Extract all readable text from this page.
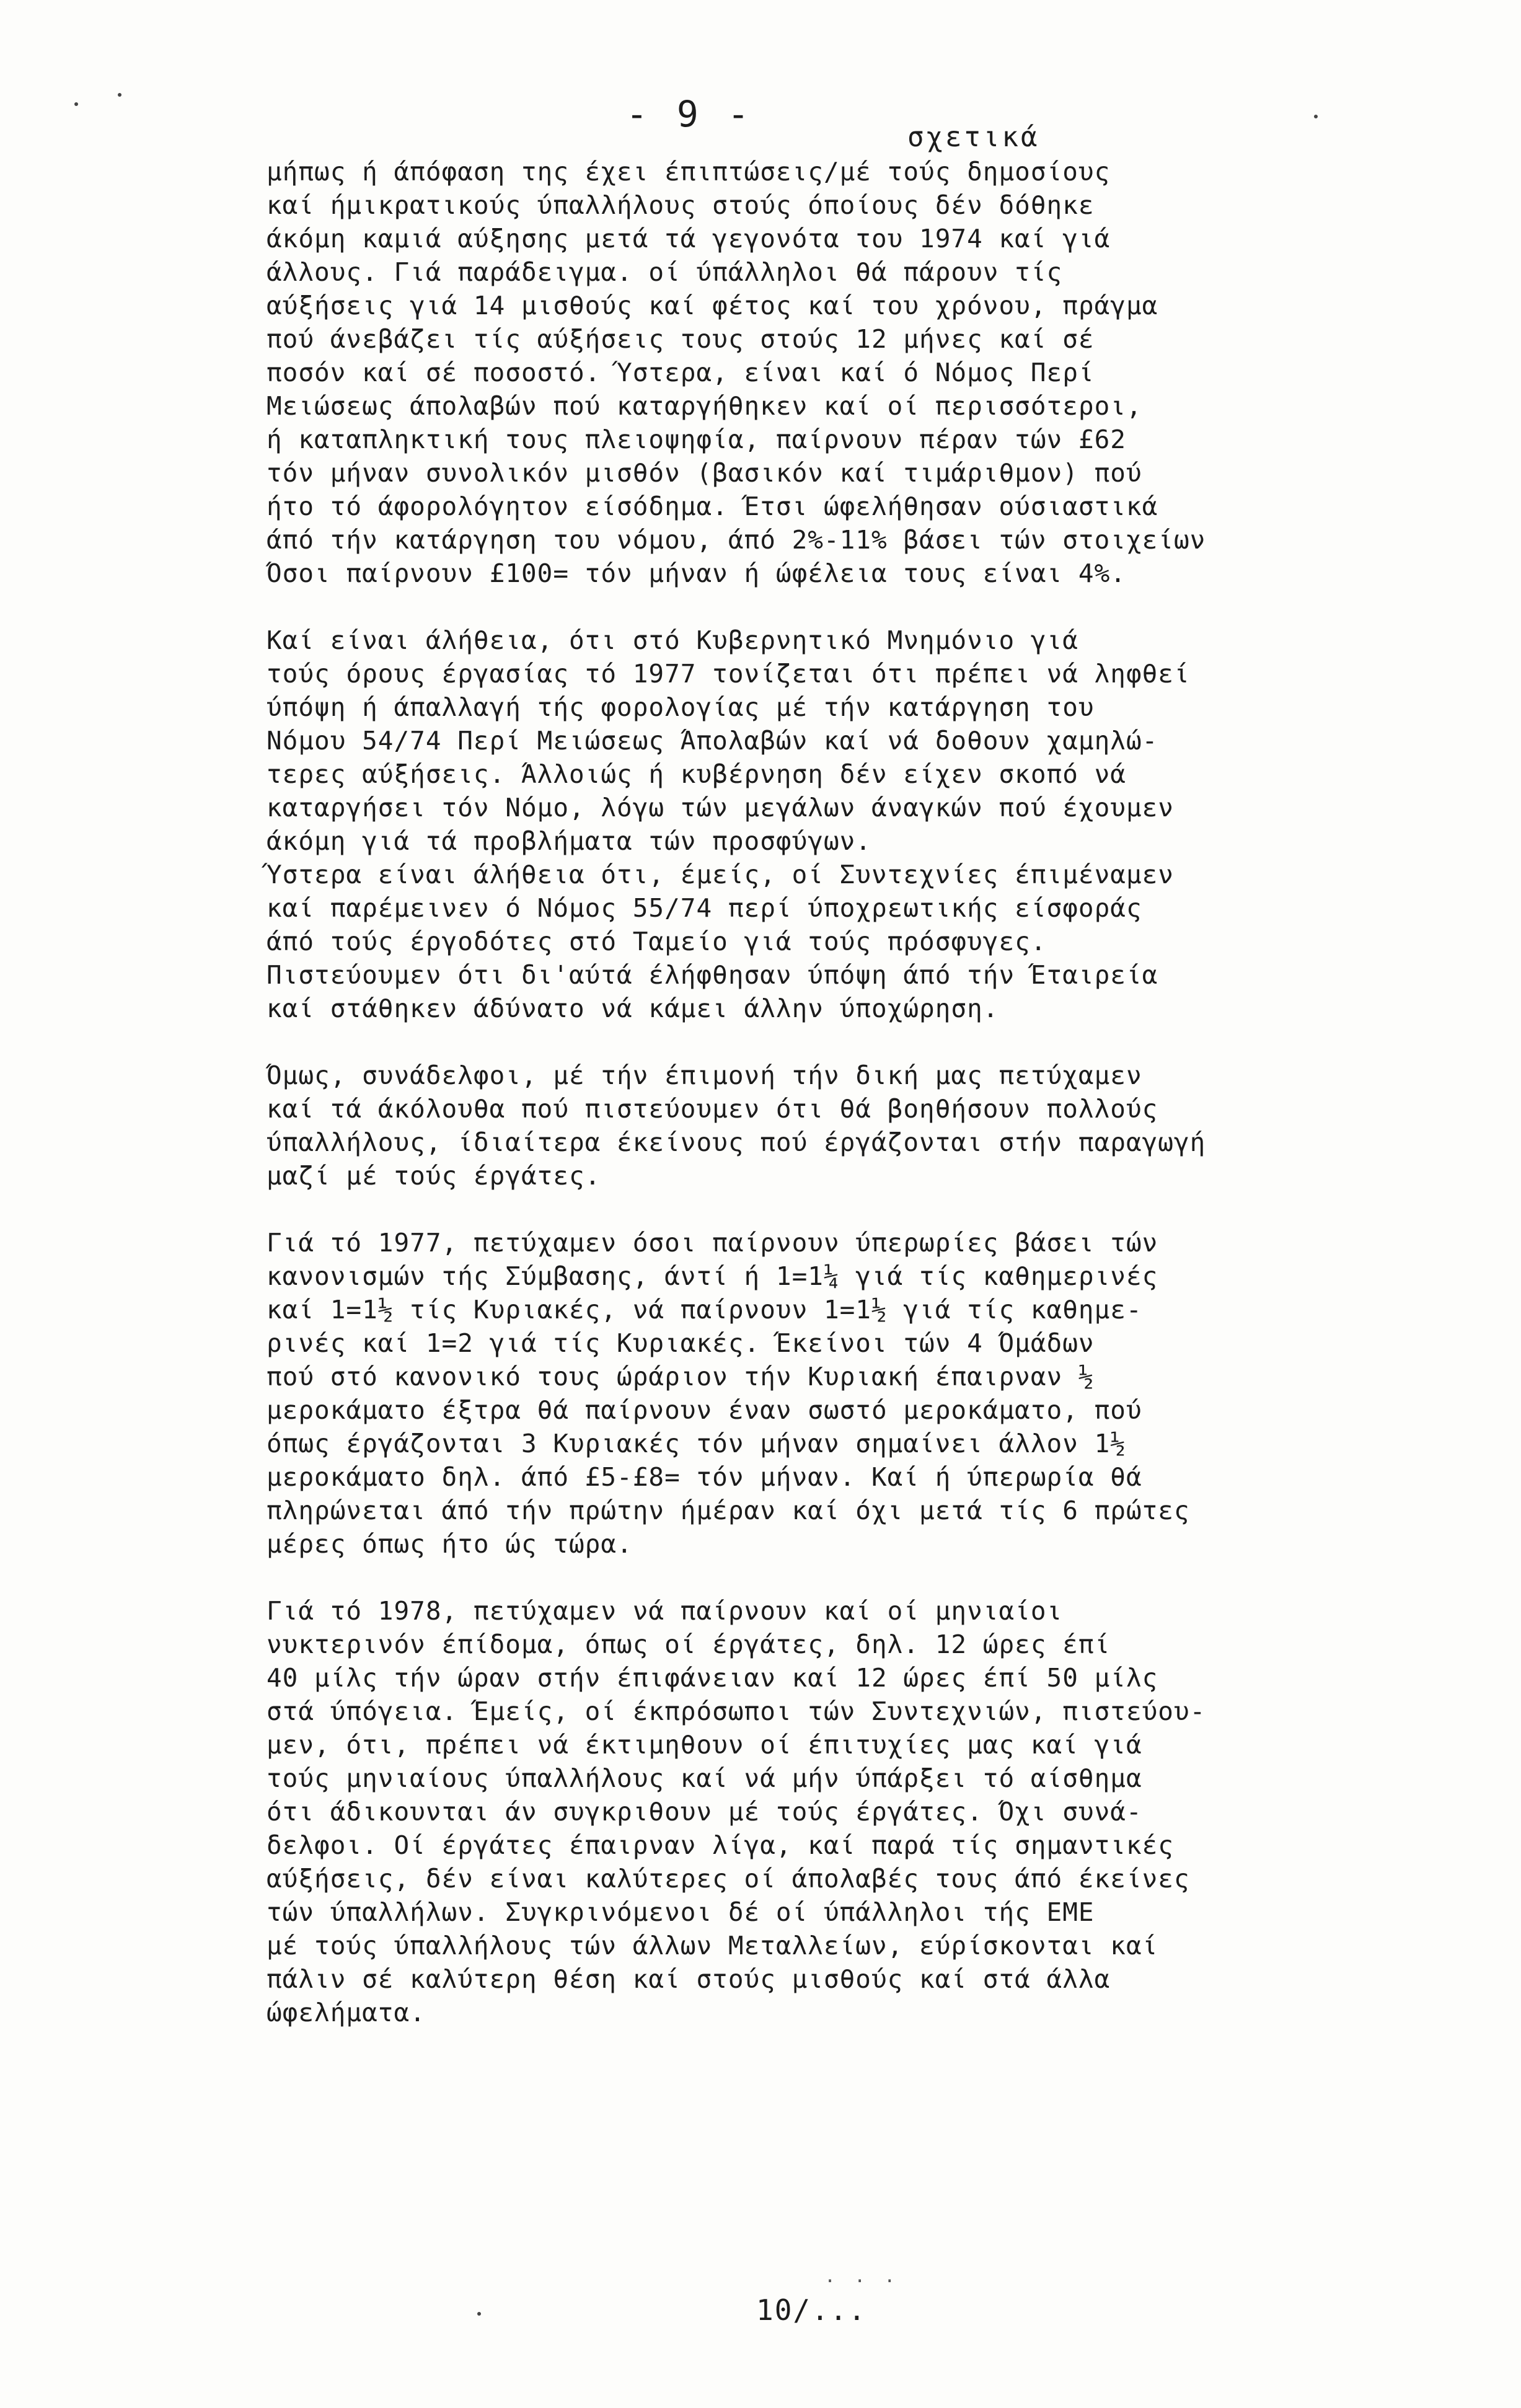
- 9 -
σχετικά
μήπως ή άπόφαση της έχει έπιπτώσεις/μέ τούς δημοσίους
καί ήμικρατικούς ύπαλλήλους στούς όποίους δέν δόθηκε
άκόμη καμιά αύξησης μετά τά γεγονότα του 1974 καί γιά
άλλους. Γιά παράδειγμα. οί ύπάλληλοι θά πάρουν τίς
αύξήσεις γιά 14 μισθούς καί φέτος καί του χρόνου, πράγμα
πού άνεβάζει τίς αύξήσεις τους στούς 12 μήνες καί σέ
ποσόν καί σέ ποσοστό. Ύστερα, είναι καί ό Νόμος Περί
Μειώσεως άπολαβών πού καταργήθηκεν καί οί περισσότεροι,
ή καταπληκτική τους πλειοψηφία, παίρνουν πέραν τών £62
τόν μήναν συνολικόν μισθόν (βασικόν καί τιμάριθμον) πού
ήτο τό άφορολόγητον είσόδημα. Έτσι ώφελήθησαν ούσιαστικά
άπό τήν κατάργηση του νόμου, άπό 2%-11% βάσει τών στοιχείων
Όσοι παίρνουν £100= τόν μήναν ή ώφέλεια τους είναι 4%.
Καί είναι άλήθεια, ότι στό Κυβερνητικό Μνημόνιο γιά
τούς όρους έργασίας τό 1977 τονίζεται ότι πρέπει νά ληφθεί
ύπόψη ή άπαλλαγή τής φορολογίας μέ τήν κατάργηση του
Νόμου 54/74 Περί Μειώσεως Άπολαβών καί νά δοθουν χαμηλώ-
τερες αύξήσεις. Άλλοιώς ή κυβέρνηση δέν είχεν σκοπό νά
καταργήσει τόν Νόμο, λόγω τών μεγάλων άναγκών πού έχουμεν
άκόμη γιά τά προβλήματα τών προσφύγων.
Ύστερα είναι άλήθεια ότι, έμείς, οί Συντεχνίες έπιμέναμεν
καί παρέμεινεν ό Νόμος 55/74 περί ύποχρεωτικής είσφοράς
άπό τούς έργοδότες στό Ταμείο γιά τούς πρόσφυγες.
Πιστεύουμεν ότι δι'αύτά έλήφθησαν ύπόψη άπό τήν Έταιρεία
καί στάθηκεν άδύνατο νά κάμει άλλην ύποχώρηση.
Όμως, συνάδελφοι, μέ τήν έπιμονή τήν δική μας πετύχαμεν
καί τά άκόλουθα πού πιστεύουμεν ότι θά βοηθήσουν πολλούς
ύπαλλήλους, ίδιαίτερα έκείνους πού έργάζονται στήν παραγωγή
μαζί μέ τούς έργάτες.
Γιά τό 1977, πετύχαμεν όσοι παίρνουν ύπερωρίες βάσει τών
κανονισμών τής Σύμβασης, άντί ή 1=1¼ γιά τίς καθημερινές
καί 1=1½ τίς Κυριακές, νά παίρνουν 1=1½ γιά τίς καθημε-
ρινές καί 1=2 γιά τίς Κυριακές. Έκείνοι τών 4 Όμάδων
πού στό κανονικό τους ώράριον τήν Κυριακή έπαιρναν ½
μεροκάματο έξτρα θά παίρνουν έναν σωστό μεροκάματο, πού
όπως έργάζονται 3 Κυριακές τόν μήναν σημαίνει άλλον 1½
μεροκάματο δηλ. άπό £5-£8= τόν μήναν. Καί ή ύπερωρία θά
πληρώνεται άπό τήν πρώτην ήμέραν καί όχι μετά τίς 6 πρώτες
μέρες όπως ήτο ώς τώρα.
Γιά τό 1978, πετύχαμεν νά παίρνουν καί οί μηνιαίοι
νυκτερινόν έπίδομα, όπως οί έργάτες, δηλ. 12 ώρες έπί
40 μίλς τήν ώραν στήν έπιφάνειαν καί 12 ώρες έπί 50 μίλς
στά ύπόγεια. Έμείς, οί έκπρόσωποι τών Συντεχνιών, πιστεύου-
μεν, ότι, πρέπει νά έκτιμηθουν οί έπιτυχίες μας καί γιά
τούς μηνιαίους ύπαλλήλους καί νά μήν ύπάρξει τό αίσθημα
ότι άδικουνται άν συγκριθουν μέ τούς έργάτες. Όχι συνά-
δελφοι. Οί έργάτες έπαιρναν λίγα, καί παρά τίς σημαντικές
αύξήσεις, δέν είναι καλύτερες οί άπολαβές τους άπό έκείνες
τών ύπαλλήλων. Συγκρινόμενοι δέ οί ύπάλληλοι τής ΕΜΕ
μέ τούς ύπαλλήλους τών άλλων Μεταλλείων, εύρίσκονται καί
πάλιν σέ καλύτερη θέση καί στούς μισθούς καί στά άλλα
ώφελήματα.
. . .
10/...
